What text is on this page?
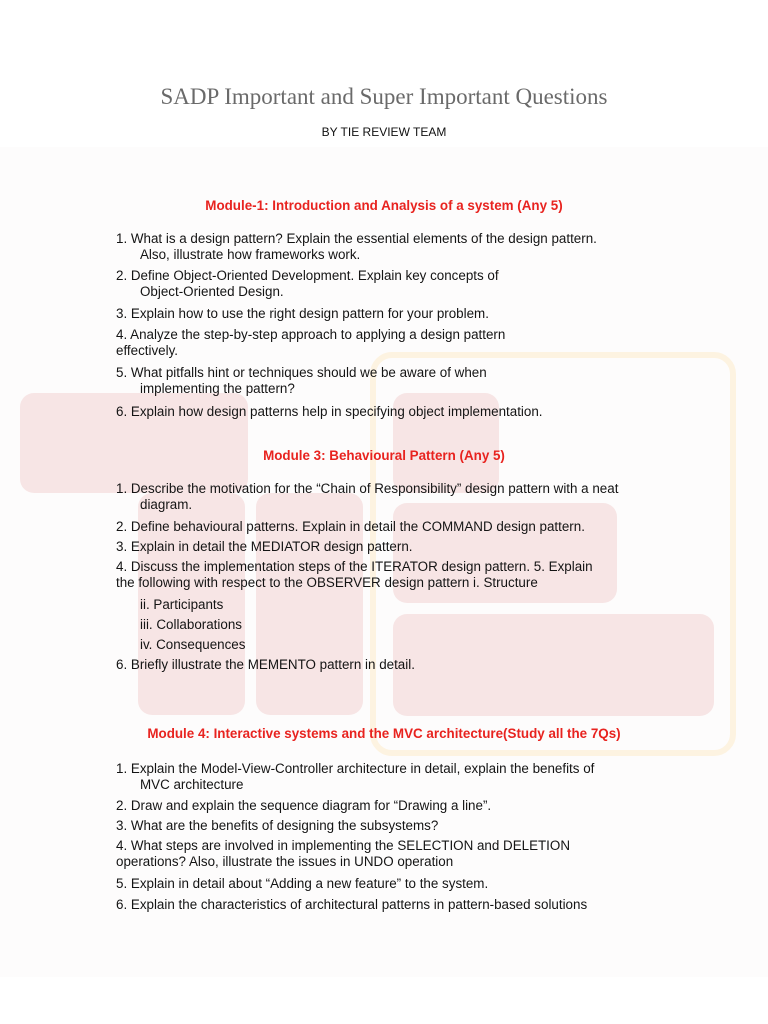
SADP Important and Super Important Questions

BY TIE REVIEW TEAM

Module-1: Introduction and Analysis of a system (Any 5)

1. What is a design pattern? Explain the essential elements of the design pattern.
Also, illustrate how frameworks work.

2. Define Object-Oriented Development. Explain key concepts of
Object-Oriented Design.

3. Explain how to use the right design pattern for your problem.

4. Analyze the step-by-step approach to applying a design pattern
effectively.

5. What pitfalls hint or techniques should we be aware of when
implementing the pattern?

6. Explain how design patterns help in specifying object implementation.

Module 3: Behavioural Pattern (Any 5)

1. Describe the motivation for the “Chain of Responsibility” design pattern with a neat
diagram.

2. Define behavioural patterns. Explain in detail the COMMAND design pattern.

3. Explain in detail the MEDIATOR design pattern.

4. Discuss the implementation steps of the ITERATOR design pattern. 5. Explain
the following with respect to the OBSERVER design pattern i. Structure

ii. Participants

iii. Collaborations

iv. Consequences

6. Briefly illustrate the MEMENTO pattern in detail.

Module 4: Interactive systems and the MVC architecture(Study all the 7Qs)

1. Explain the Model-View-Controller architecture in detail, explain the benefits of
MVC architecture

2. Draw and explain the sequence diagram for “Drawing a line”.

3. What are the benefits of designing the subsystems?

4. What steps are involved in implementing the SELECTION and DELETION
operations? Also, illustrate the issues in UNDO operation

5. Explain in detail about “Adding a new feature” to the system.

6. Explain the characteristics of architectural patterns in pattern-based solutions
